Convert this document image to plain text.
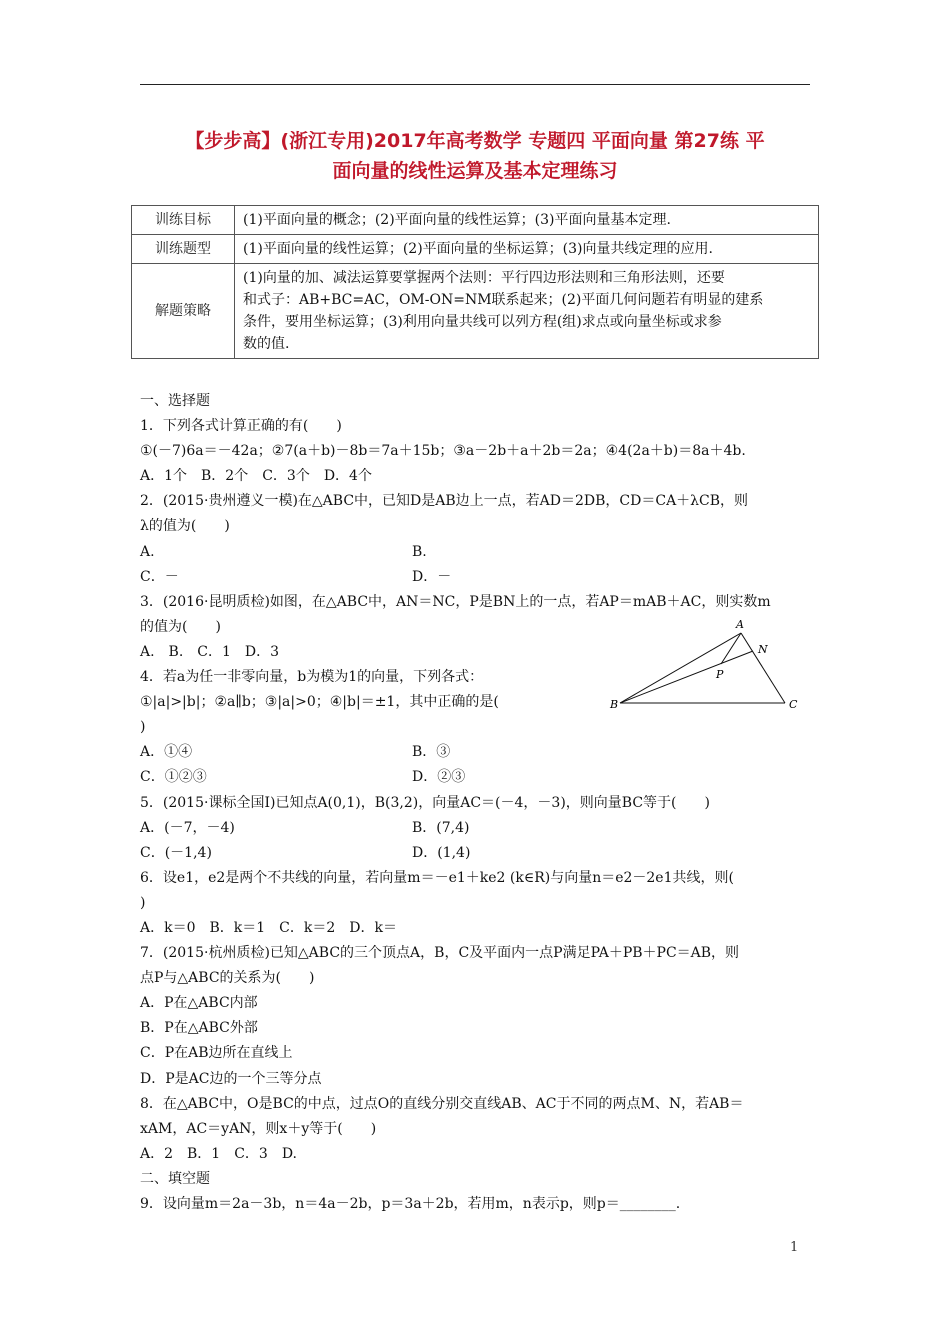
【步步高】(浙江专用)2017年高考数学 专题四 平面向量 第27练 平
面向量的线性运算及基本定理练习
训练目标	(1)平面向量的概念；(2)平面向量的线性运算；(3)平面向量基本定理.
训练题型	(1)平面向量的线性运算；(2)平面向量的坐标运算；(3)向量共线定理的应用.
解题策略	(1)向量的加、减法运算要掌握两个法则：平行四边形法则和三角形法则，还要
和式子：AB+BC=AC，OM-ON=NM联系起来；(2)平面几何问题若有明显的建系
条件，要用坐标运算；(3)利用向量共线可以列方程(组)求点或向量坐标或求参
数的值.
一、选择题
1．下列各式计算正确的有(　　)
①(－7)6a＝－42a；②7(a＋b)－8b＝7a＋15b；③a－2b＋a＋2b＝2a；④4(2a＋b)＝8a＋4b.
A．1个　B．2个　C．3个　D．4个
2．(2015·贵州遵义一模)在△ABC中，已知D是AB边上一点，若AD＝2DB，CD＝CA＋λCB，则
λ的值为(　　)
A.	B.
C．－	D．－
3．(2016·昆明质检)如图，在△ABC中，AN＝NC，P是BN上的一点，若AP＝mAB＋AC，则实数m
的值为(　　)
A.　B.　C．1　D．3
4．若a为任一非零向量，b为模为1的向量，下列各式：
①|a|>|b|；②a∥b；③|a|>0；④|b|＝±1，其中正确的是(
)
A．①④	B．③
C．①②③	D．②③
5．(2015·课标全国Ⅰ)已知点A(0,1)，B(3,2)，向量AC＝(－4，－3)，则向量BC等于(　　)
A．(－7，－4)	B．(7,4)
C．(－1,4)	D．(1,4)
6．设e1，e2是两个不共线的向量，若向量m＝－e1＋ke2 (k∈R)与向量n＝e2－2e1共线，则(
)
A．k＝0　B．k＝1　C．k＝2　D．k＝
7．(2015·杭州质检)已知△ABC的三个顶点A，B，C及平面内一点P满足PA＋PB＋PC＝AB，则
点P与△ABC的关系为(　　)
A．P在△ABC内部
B．P在△ABC外部
C．P在AB边所在直线上
D．P是AC边的一个三等分点
8．在△ABC中，O是BC的中点，过点O的直线分别交直线AB、AC于不同的两点M、N，若AB＝
xAM，AC＝yAN，则x＋y等于(　　)
A．2　B．1　C．3　D.
二、填空题
9．设向量m＝2a－3b，n＝4a－2b，p＝3a＋2b，若用m，n表示p，则p＝________.
A
N
P
B	C
1
